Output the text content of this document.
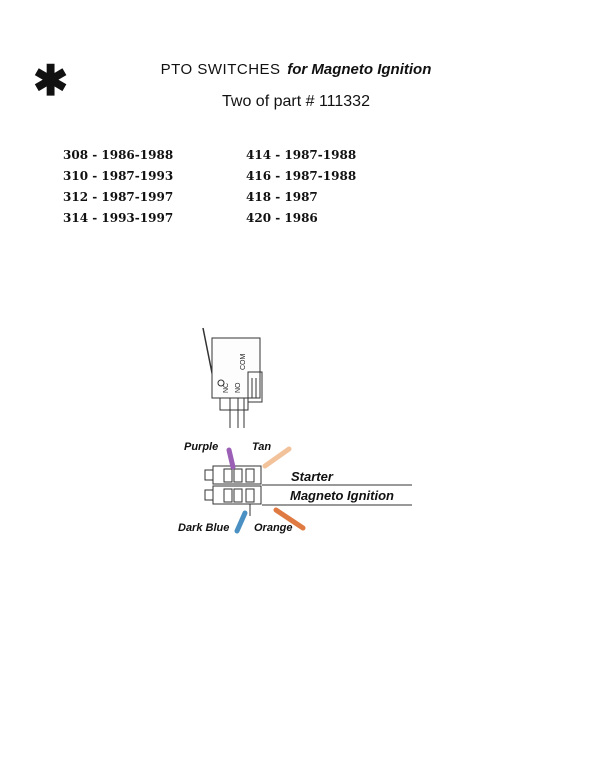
✱	PTO SWITCHES for Magneto Ignition
Two of part # 111332
308 - 1986-1988
310 - 1987-1993
312 - 1987-1997
314 - 1993-1997
414 - 1987-1988
416 - 1987-1988
418 - 1987
420 - 1986
NC NO
COM
Purple	Tan
Dark Blue Orange
Starter
Magneto Ignition
